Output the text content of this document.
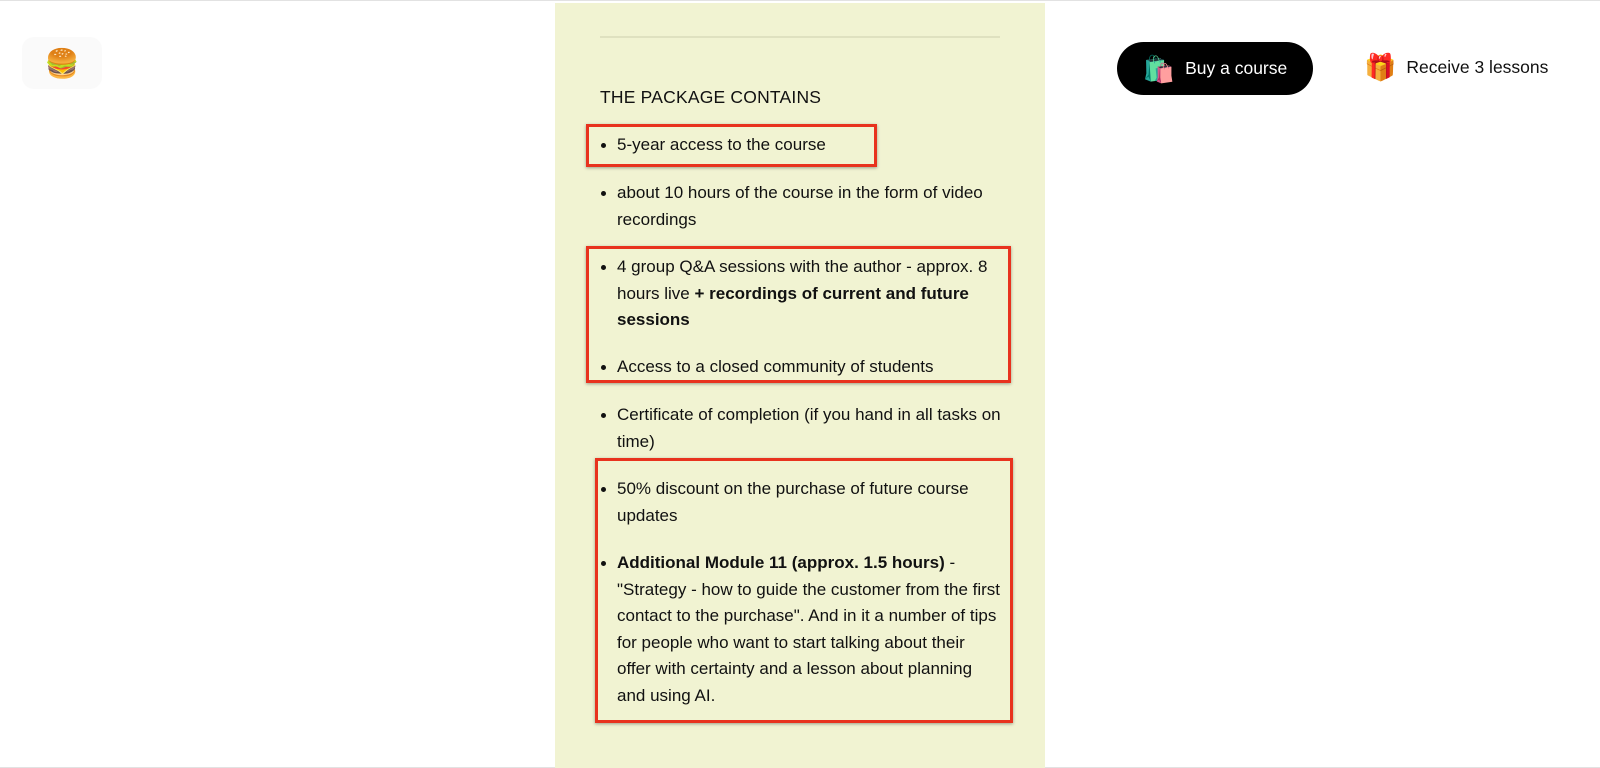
🍔
THE PACKAGE CONTAINS
5-year access to the course
about 10 hours of the course in the form of video recordings
4 group Q&A sessions with the author - approx. 8 hours live + recordings of current and future sessions
Access to a closed community of students
Certificate of completion (if you hand in all tasks on time)
50% discount on the purchase of future course updates
Additional Module 11 (approx. 1.5 hours) - "Strategy - how to guide the customer from the first contact to the purchase". And in it a number of tips for people who want to start talking about their offer with certainty and a lesson about planning and using AI.
🛍️ Buy a course	🎁 Receive 3 lessons
